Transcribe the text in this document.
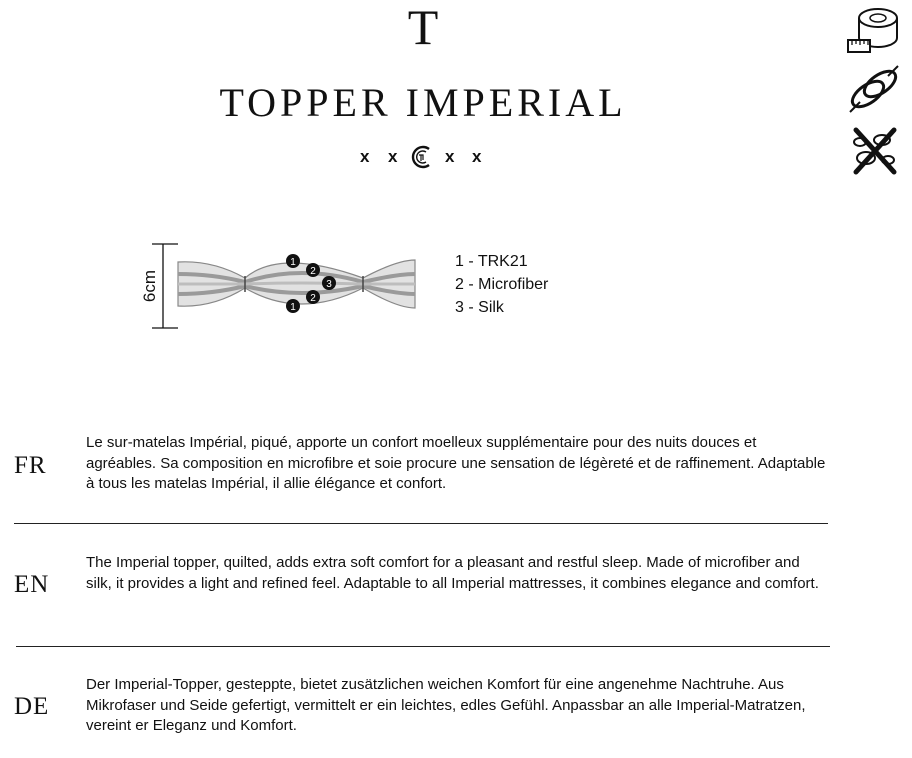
T
TOPPER IMPERIAL
x x	x x
1
2
3
2
1
6cm
1 - TRK21
2 - Microfiber
3 - Silk
FR
Le sur-matelas Impérial, piqué, apporte un confort moelleux supplémentaire pour des nuits douces et agréables. Sa composition en microfibre et soie procure une sensation de légèreté et de raffinement. Adaptable à tous les matelas Impérial, il allie élégance et confort.
EN
The Imperial topper, quilted, adds extra soft comfort for a pleasant and restful sleep. Made of microfiber and silk, it provides a light and refined feel. Adaptable to all Imperial mattresses, it combines elegance and comfort.
DE
Der Imperial-Topper, gesteppte, bietet zusätzlichen weichen Komfort für eine angenehme Nachtruhe. Aus Mikrofaser und Seide gefertigt, vermittelt er ein leichtes, edles Gefühl. Anpassbar an alle Imperial-Matratzen, vereint er Eleganz und Komfort.
